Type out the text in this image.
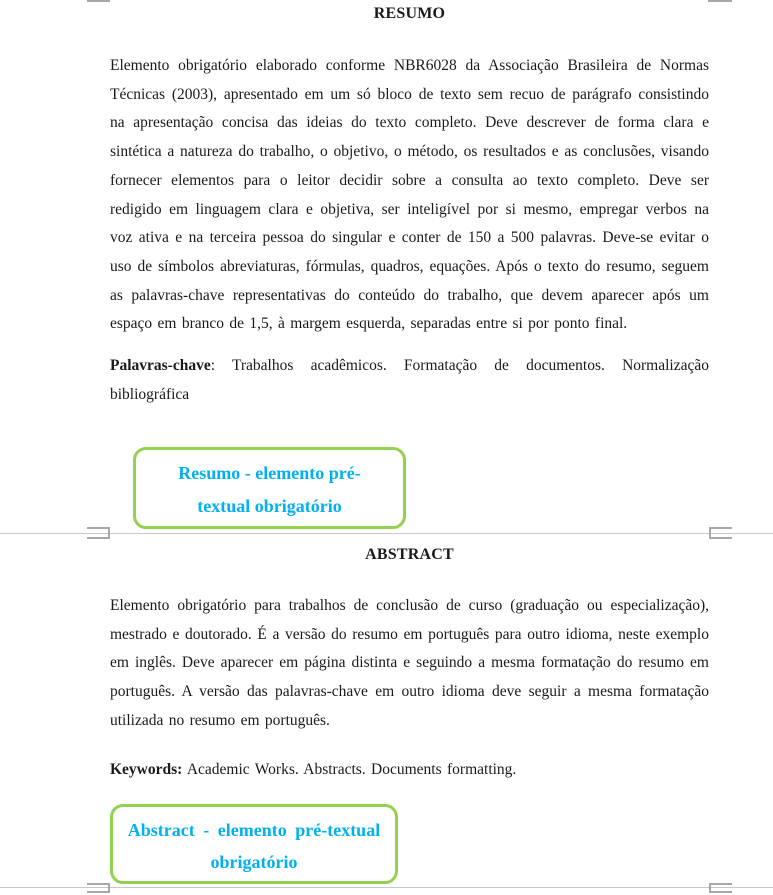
RESUMO

Elemento obrigatório elaborado conforme NBR6028 da Associação Brasileira de Normas Técnicas (2003), apresentado em um só bloco de texto sem recuo de parágrafo consistindo na apresentação concisa das ideias do texto completo. Deve descrever de forma clara e sintética a natureza do trabalho, o objetivo, o método, os resultados e as conclusões, visando fornecer elementos para o leitor decidir sobre a consulta ao texto completo. Deve ser redigido em linguagem clara e objetiva, ser inteligível por si mesmo, empregar verbos na voz ativa e na terceira pessoa do singular e conter de 150 a 500 palavras. Deve-se evitar o uso de símbolos abreviaturas, fórmulas, quadros, equações. Após o texto do resumo, seguem as palavras-chave representativas do conteúdo do trabalho, que devem aparecer após um espaço em branco de 1,5, à margem esquerda, separadas entre si por ponto final.

Palavras-chave: Trabalhos acadêmicos. Formatação de documentos. Normalização bibliográfica

Resumo - elemento pré-
textual obrigatório
ABSTRACT

Elemento obrigatório para trabalhos de conclusão de curso (graduação ou especialização), mestrado e doutorado. É a versão do resumo em português para outro idioma, neste exemplo em inglês. Deve aparecer em página distinta e seguindo a mesma formatação do resumo em português. A versão das palavras-chave em outro idioma deve seguir a mesma formatação utilizada no resumo em português.

Keywords: Academic Works. Abstracts. Documents formatting.

Abstract - elemento pré-textual
obrigatório
